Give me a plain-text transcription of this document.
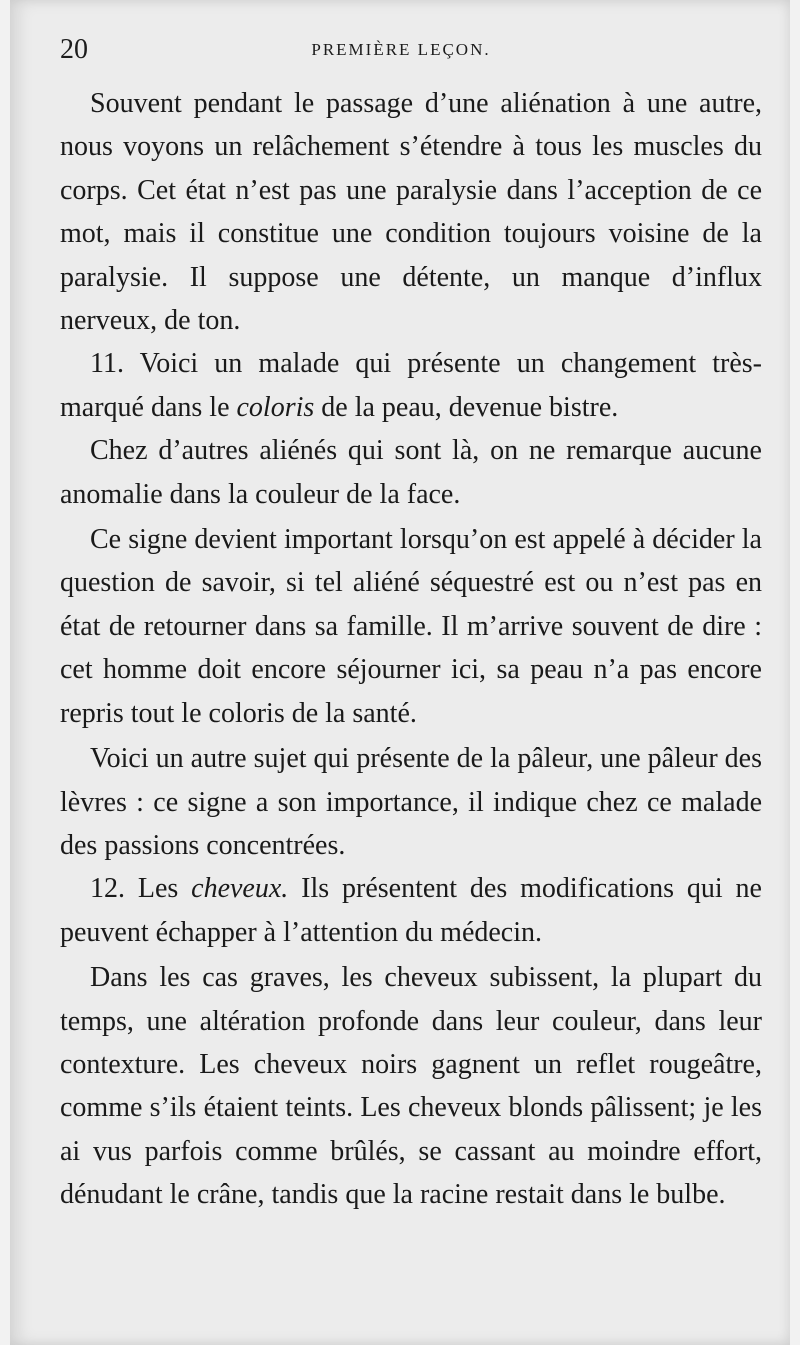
20	PREMIÈRE LEÇON.

Souvent pendant le passage d’une aliénation à une autre, nous voyons un relâchement s’étendre à tous les muscles du corps. Cet état n’est pas une paralysie dans l’acception de ce mot, mais il constitue une condition toujours voisine de la paralysie. Il suppose une détente, un manque d’influx nerveux, de ton.

11. Voici un malade qui présente un changement très-marqué dans le coloris de la peau, devenue bistre.

Chez d’autres aliénés qui sont là, on ne remarque aucune anomalie dans la couleur de la face.

Ce signe devient important lorsqu’on est appelé à décider la question de savoir, si tel aliéné séquestré est ou n’est pas en état de retourner dans sa famille. Il m’arrive souvent de dire : cet homme doit encore séjourner ici, sa peau n’a pas encore repris tout le coloris de la santé.

Voici un autre sujet qui présente de la pâleur, une pâleur des lèvres : ce signe a son importance, il indique chez ce malade des passions concentrées.

12. Les cheveux. Ils présentent des modifications qui ne peuvent échapper à l’attention du médecin.

Dans les cas graves, les cheveux subissent, la plupart du temps, une altération profonde dans leur couleur, dans leur contexture. Les cheveux noirs gagnent un reflet rougeâtre, comme s’ils étaient teints. Les cheveux blonds pâlissent; je les ai vus parfois comme brûlés, se cassant au moindre effort, dénudant le crâne, tandis que la racine restait dans le bulbe.
